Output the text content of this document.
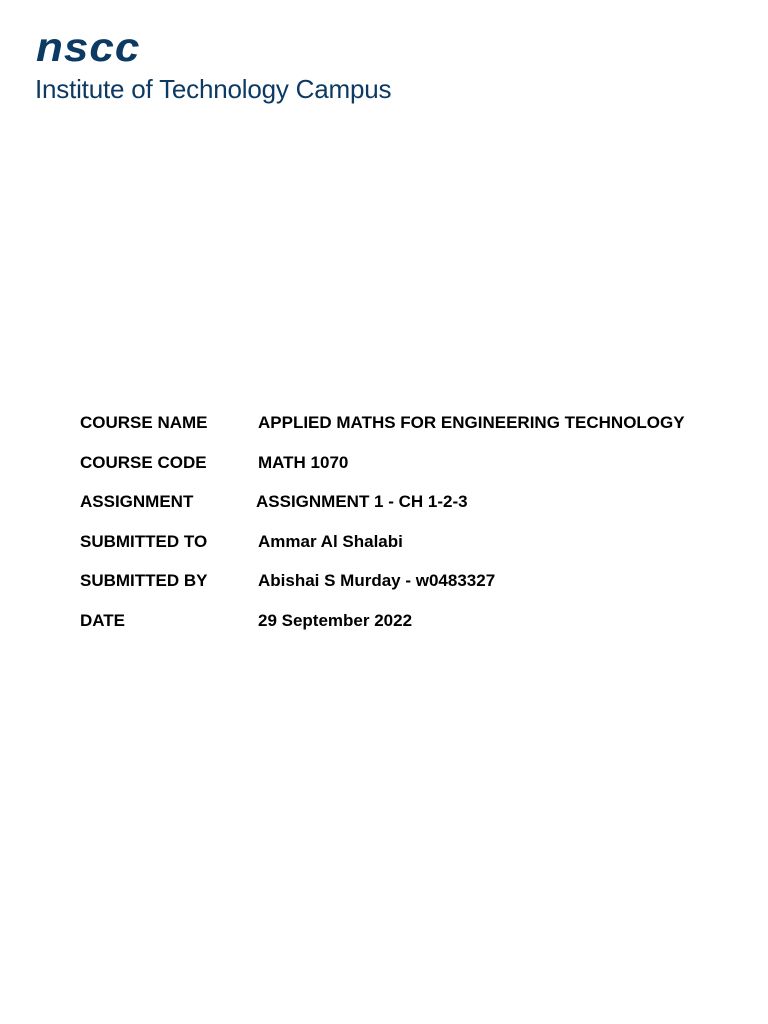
nscc
Institute of Technology Campus
COURSE NAME	APPLIED MATHS FOR ENGINEERING TECHNOLOGY
COURSE CODE	MATH 1070
ASSIGNMENT	ASSIGNMENT 1 - CH 1-2-3
SUBMITTED TO	Ammar Al Shalabi
SUBMITTED BY	Abishai S Murday - w0483327
DATE	29 September 2022
